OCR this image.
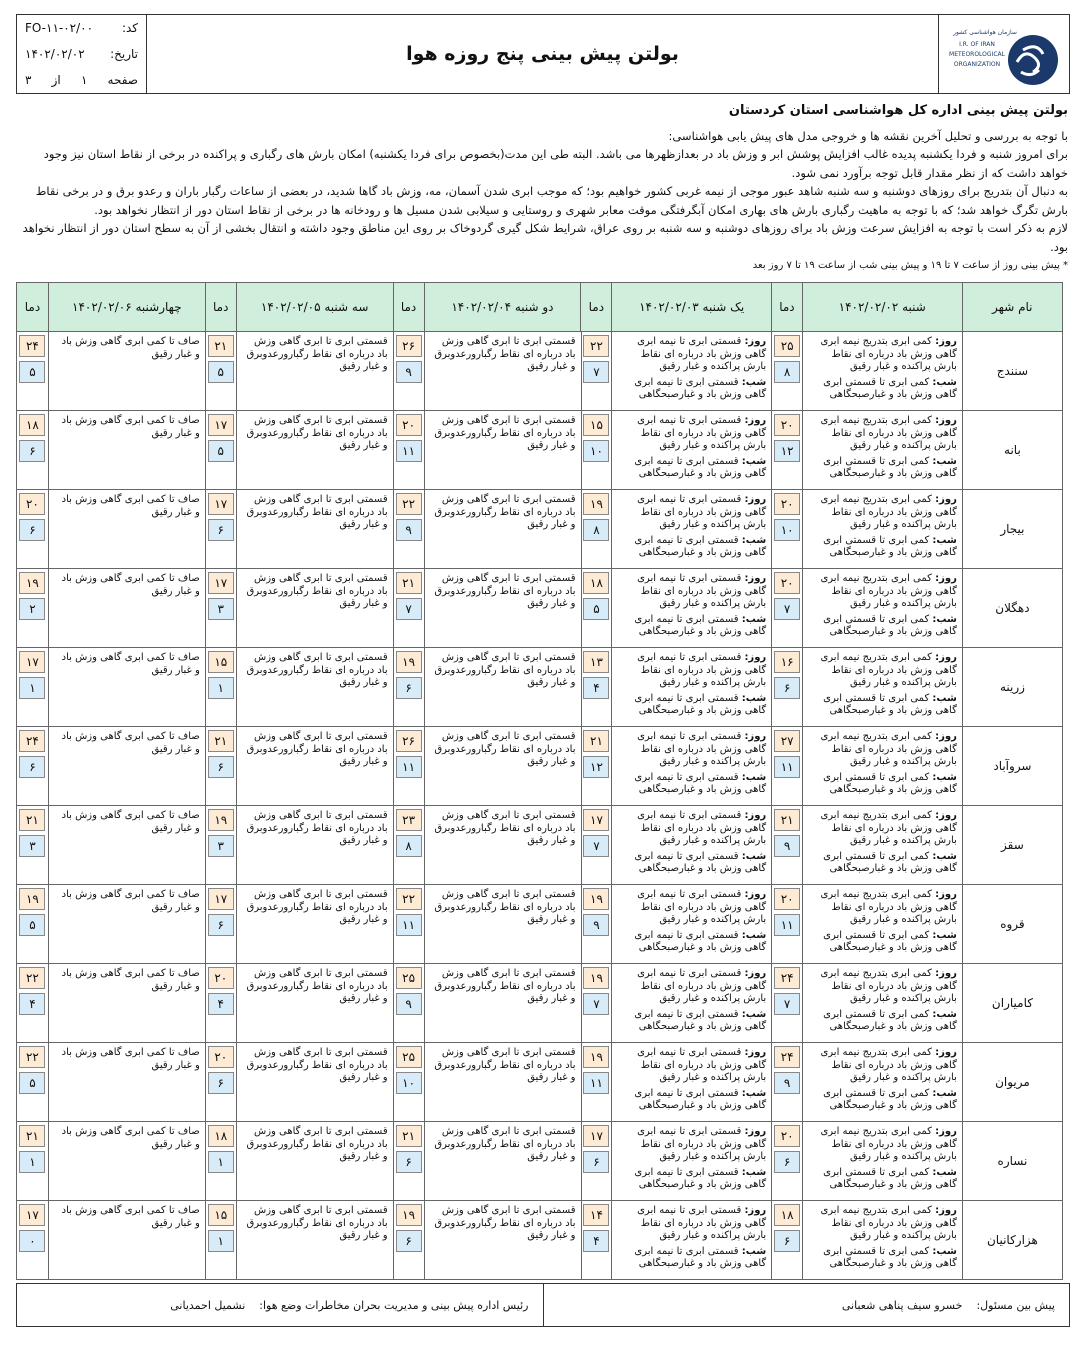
سازمان هواشناسی کشور
I.R. OF IRAN
METEOROLOGICAL
ORGANIZATION
بولتن پیش بینی پنج روزه هوا
کد:
FO-۱۱-۰۲/۰۰
تاریخ:
۱۴۰۲/۰۲/۰۲
صفحه
۱
از
۳
بولتن پیش بینی اداره کل هواشناسی استان کردستان

با توجه به بررسی و تحلیل آخرین نقشه ها و خروجی مدل های پیش یابی هواشناسی:

برای امروز شنبه و فردا یکشنبه پدیده غالب افزایش پوشش ابر و وزش باد در بعدازظهرها می باشد. البته طی این مدت(بخصوص برای فردا یکشنبه) امکان بارش های رگباری و پراکنده در برخی از نقاط استان نیز وجود خواهد داشت که از نظر مقدار قابل توجه برآورد نمی شود.

به دنبال آن بتدریج برای روزهای دوشنبه و سه شنبه شاهد عبور موجی از نیمه غربی کشور خواهیم بود؛ که موجب ابری شدن آسمان، مه، وزش باد گاها شدید، در بعضی از ساعات رگبار باران و رعدو برق و در برخی نقاط بارش تگرگ خواهد شد؛ که با توجه به ماهیت رگباری بارش های بهاری امکان آبگرفتگی موقت معابر شهری و روستایی و سیلابی شدن مسیل ها و رودخانه ها در برخی از نقاط استان دور از انتظار نخواهد بود.

لازم به ذکر است با توجه به افزایش سرعت وزش باد برای روزهای دوشنبه و سه شنبه بر روی عراق، شرایط شکل گیری گردوخاک بر روی این مناطق وجود داشته و انتقال بخشی از آن به سطح استان دور از انتظار نخواهد بود.

* پیش بینی روز از ساعت ۷ تا ۱۹ و پیش بینی شب از ساعت ۱۹ تا ۷ روز بعد
نام شهر
شنبه ۱۴۰۲/۰۲/۰۲
دما
یک شنبه ۱۴۰۲/۰۲/۰۳
دما
دو شنبه ۱۴۰۲/۰۲/۰۴
دما
سه شنبه ۱۴۰۲/۰۲/۰۵
دما
چهارشنبه ۱۴۰۲/۰۲/۰۶
دما
سنندج
روز: کمی ابری بتدریج نیمه ابری گاهی وزش باد درباره ای نقاط بارش پراکنده و غبار رقیق
شب: کمی ابری تا قسمتی ابری گاهی وزش باد و غبارصبحگاهی
۲۵
۸
روز: قسمتی ابری تا نیمه ابری گاهی وزش باد درباره ای نقاط بارش پراکنده و غبار رقیق
شب: قسمتی ابری تا نیمه ابری گاهی وزش باد و غبارصبحگاهی
۲۲
۷
قسمتی ابری تا ابری گاهی وزش باد درباره ای نقاط رگبارورعدوبرق و غبار رقیق
۲۶
۹
قسمتی ابری تا ابری گاهی وزش باد درباره ای نقاط رگبارورعدوبرق و غبار رقیق
۲۱
۵
صاف تا کمی ابری گاهی وزش باد و غبار رقیق
۲۴
۵
بانه
روز: کمی ابری بتدریج نیمه ابری گاهی وزش باد درباره ای نقاط بارش پراکنده و غبار رقیق
شب: کمی ابری تا قسمتی ابری گاهی وزش باد و غبارصبحگاهی
۲۰
۱۲
روز: قسمتی ابری تا نیمه ابری گاهی وزش باد درباره ای نقاط بارش پراکنده و غبار رقیق
شب: قسمتی ابری تا نیمه ابری گاهی وزش باد و غبارصبحگاهی
۱۵
۱۰
قسمتی ابری تا ابری گاهی وزش باد درباره ای نقاط رگبارورعدوبرق و غبار رقیق
۲۰
۱۱
قسمتی ابری تا ابری گاهی وزش باد درباره ای نقاط رگبارورعدوبرق و غبار رقیق
۱۷
۵
صاف تا کمی ابری گاهی وزش باد و غبار رقیق
۱۸
۶
بیجار
روز: کمی ابری بتدریج نیمه ابری گاهی وزش باد درباره ای نقاط بارش پراکنده و غبار رقیق
شب: کمی ابری تا قسمتی ابری گاهی وزش باد و غبارصبحگاهی
۲۰
۱۰
روز: قسمتی ابری تا نیمه ابری گاهی وزش باد درباره ای نقاط بارش پراکنده و غبار رقیق
شب: قسمتی ابری تا نیمه ابری گاهی وزش باد و غبارصبحگاهی
۱۹
۸
قسمتی ابری تا ابری گاهی وزش باد درباره ای نقاط رگبارورعدوبرق و غبار رقیق
۲۲
۹
قسمتی ابری تا ابری گاهی وزش باد درباره ای نقاط رگبارورعدوبرق و غبار رقیق
۱۷
۶
صاف تا کمی ابری گاهی وزش باد و غبار رقیق
۲۰
۶
دهگلان
روز: کمی ابری بتدریج نیمه ابری گاهی وزش باد درباره ای نقاط بارش پراکنده و غبار رقیق
شب: کمی ابری تا قسمتی ابری گاهی وزش باد و غبارصبحگاهی
۲۰
۷
روز: قسمتی ابری تا نیمه ابری گاهی وزش باد درباره ای نقاط بارش پراکنده و غبار رقیق
شب: قسمتی ابری تا نیمه ابری گاهی وزش باد و غبارصبحگاهی
۱۸
۵
قسمتی ابری تا ابری گاهی وزش باد درباره ای نقاط رگبارورعدوبرق و غبار رقیق
۲۱
۷
قسمتی ابری تا ابری گاهی وزش باد درباره ای نقاط رگبارورعدوبرق و غبار رقیق
۱۷
۳
صاف تا کمی ابری گاهی وزش باد و غبار رقیق
۱۹
۲
زرینه
روز: کمی ابری بتدریج نیمه ابری گاهی وزش باد درباره ای نقاط بارش پراکنده و غبار رقیق
شب: کمی ابری تا قسمتی ابری گاهی وزش باد و غبارصبحگاهی
۱۶
۶
روز: قسمتی ابری تا نیمه ابری گاهی وزش باد درباره ای نقاط بارش پراکنده و غبار رقیق
شب: قسمتی ابری تا نیمه ابری گاهی وزش باد و غبارصبحگاهی
۱۳
۴
قسمتی ابری تا ابری گاهی وزش باد درباره ای نقاط رگبارورعدوبرق و غبار رقیق
۱۹
۶
قسمتی ابری تا ابری گاهی وزش باد درباره ای نقاط رگبارورعدوبرق و غبار رقیق
۱۵
۱
صاف تا کمی ابری گاهی وزش باد و غبار رقیق
۱۷
۱
سروآباد
روز: کمی ابری بتدریج نیمه ابری گاهی وزش باد درباره ای نقاط بارش پراکنده و غبار رقیق
شب: کمی ابری تا قسمتی ابری گاهی وزش باد و غبارصبحگاهی
۲۷
۱۱
روز: قسمتی ابری تا نیمه ابری گاهی وزش باد درباره ای نقاط بارش پراکنده و غبار رقیق
شب: قسمتی ابری تا نیمه ابری گاهی وزش باد و غبارصبحگاهی
۲۱
۱۲
قسمتی ابری تا ابری گاهی وزش باد درباره ای نقاط رگبارورعدوبرق و غبار رقیق
۲۶
۱۱
قسمتی ابری تا ابری گاهی وزش باد درباره ای نقاط رگبارورعدوبرق و غبار رقیق
۲۱
۶
صاف تا کمی ابری گاهی وزش باد و غبار رقیق
۲۴
۶
سقز
روز: کمی ابری بتدریج نیمه ابری گاهی وزش باد درباره ای نقاط بارش پراکنده و غبار رقیق
شب: کمی ابری تا قسمتی ابری گاهی وزش باد و غبارصبحگاهی
۲۱
۹
روز: قسمتی ابری تا نیمه ابری گاهی وزش باد درباره ای نقاط بارش پراکنده و غبار رقیق
شب: قسمتی ابری تا نیمه ابری گاهی وزش باد و غبارصبحگاهی
۱۷
۷
قسمتی ابری تا ابری گاهی وزش باد درباره ای نقاط رگبارورعدوبرق و غبار رقیق
۲۳
۸
قسمتی ابری تا ابری گاهی وزش باد درباره ای نقاط رگبارورعدوبرق و غبار رقیق
۱۹
۳
صاف تا کمی ابری گاهی وزش باد و غبار رقیق
۲۱
۳
قروه
روز: کمی ابری بتدریج نیمه ابری گاهی وزش باد درباره ای نقاط بارش پراکنده و غبار رقیق
شب: کمی ابری تا قسمتی ابری گاهی وزش باد و غبارصبحگاهی
۲۰
۱۱
روز: قسمتی ابری تا نیمه ابری گاهی وزش باد درباره ای نقاط بارش پراکنده و غبار رقیق
شب: قسمتی ابری تا نیمه ابری گاهی وزش باد و غبارصبحگاهی
۱۹
۹
قسمتی ابری تا ابری گاهی وزش باد درباره ای نقاط رگبارورعدوبرق و غبار رقیق
۲۲
۱۱
قسمتی ابری تا ابری گاهی وزش باد درباره ای نقاط رگبارورعدوبرق و غبار رقیق
۱۷
۶
صاف تا کمی ابری گاهی وزش باد و غبار رقیق
۱۹
۵
کامیاران
روز: کمی ابری بتدریج نیمه ابری گاهی وزش باد درباره ای نقاط بارش پراکنده و غبار رقیق
شب: کمی ابری تا قسمتی ابری گاهی وزش باد و غبارصبحگاهی
۲۴
۷
روز: قسمتی ابری تا نیمه ابری گاهی وزش باد درباره ای نقاط بارش پراکنده و غبار رقیق
شب: قسمتی ابری تا نیمه ابری گاهی وزش باد و غبارصبحگاهی
۱۹
۷
قسمتی ابری تا ابری گاهی وزش باد درباره ای نقاط رگبارورعدوبرق و غبار رقیق
۲۵
۹
قسمتی ابری تا ابری گاهی وزش باد درباره ای نقاط رگبارورعدوبرق و غبار رقیق
۲۰
۴
صاف تا کمی ابری گاهی وزش باد و غبار رقیق
۲۲
۴
مریوان
روز: کمی ابری بتدریج نیمه ابری گاهی وزش باد درباره ای نقاط بارش پراکنده و غبار رقیق
شب: کمی ابری تا قسمتی ابری گاهی وزش باد و غبارصبحگاهی
۲۴
۹
روز: قسمتی ابری تا نیمه ابری گاهی وزش باد درباره ای نقاط بارش پراکنده و غبار رقیق
شب: قسمتی ابری تا نیمه ابری گاهی وزش باد و غبارصبحگاهی
۱۹
۱۱
قسمتی ابری تا ابری گاهی وزش باد درباره ای نقاط رگبارورعدوبرق و غبار رقیق
۲۵
۱۰
قسمتی ابری تا ابری گاهی وزش باد درباره ای نقاط رگبارورعدوبرق و غبار رقیق
۲۰
۶
صاف تا کمی ابری گاهی وزش باد و غبار رقیق
۲۲
۵
نساره
روز: کمی ابری بتدریج نیمه ابری گاهی وزش باد درباره ای نقاط بارش پراکنده و غبار رقیق
شب: کمی ابری تا قسمتی ابری گاهی وزش باد و غبارصبحگاهی
۲۰
۶
روز: قسمتی ابری تا نیمه ابری گاهی وزش باد درباره ای نقاط بارش پراکنده و غبار رقیق
شب: قسمتی ابری تا نیمه ابری گاهی وزش باد و غبارصبحگاهی
۱۷
۶
قسمتی ابری تا ابری گاهی وزش باد درباره ای نقاط رگبارورعدوبرق و غبار رقیق
۲۱
۶
قسمتی ابری تا ابری گاهی وزش باد درباره ای نقاط رگبارورعدوبرق و غبار رقیق
۱۸
۱
صاف تا کمی ابری گاهی وزش باد و غبار رقیق
۲۱
۱
هزارکانیان
روز: کمی ابری بتدریج نیمه ابری گاهی وزش باد درباره ای نقاط بارش پراکنده و غبار رقیق
شب: کمی ابری تا قسمتی ابری گاهی وزش باد و غبارصبحگاهی
۱۸
۶
روز: قسمتی ابری تا نیمه ابری گاهی وزش باد درباره ای نقاط بارش پراکنده و غبار رقیق
شب: قسمتی ابری تا نیمه ابری گاهی وزش باد و غبارصبحگاهی
۱۴
۴
قسمتی ابری تا ابری گاهی وزش باد درباره ای نقاط رگبارورعدوبرق و غبار رقیق
۱۹
۶
قسمتی ابری تا ابری گاهی وزش باد درباره ای نقاط رگبارورعدوبرق و غبار رقیق
۱۵
۱
صاف تا کمی ابری گاهی وزش باد و غبار رقیق
۱۷
۰
پیش بین مسئول:
خسرو سیف پناهی شعبانی
رئیس اداره پیش بینی و مدیریت بحران مخاطرات وضع هوا:
نشمیل احمدیانی
